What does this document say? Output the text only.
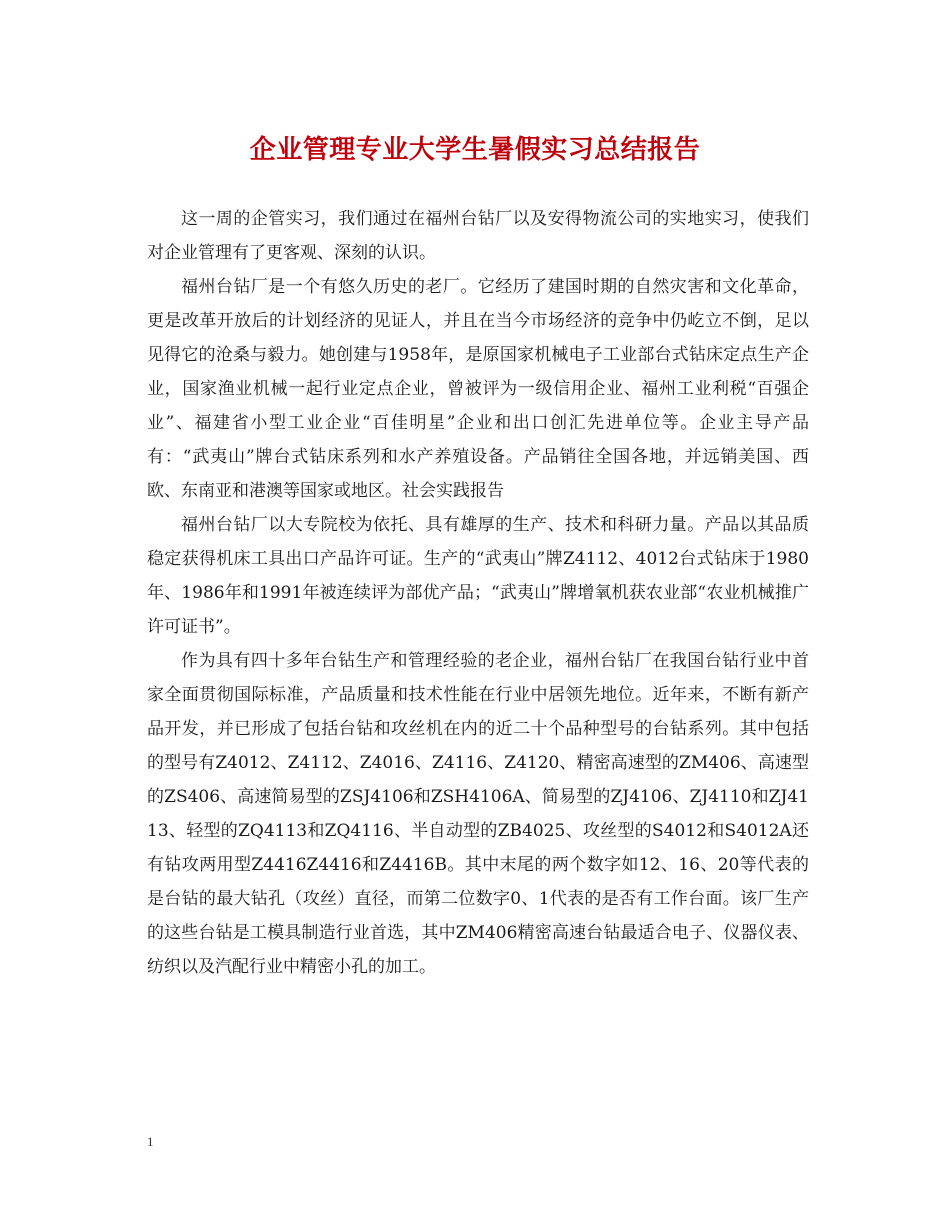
企业管理专业大学生暑假实习总结报告

这一周的企管实习，我们通过在福州台钻厂以及安得物流公司的实地实习，使我们对企业管理有了更客观、深刻的认识。

福州台钻厂是一个有悠久历史的老厂。它经历了建国时期的自然灾害和文化革命，更是改革开放后的计划经济的见证人，并且在当今市场经济的竞争中仍屹立不倒，足以见得它的沧桑与毅力。她创建与1958年，是原国家机械电子工业部台式钻床定点生产企业，国家渔业机械一起行业定点企业，曾被评为一级信用企业、福州工业利税“百强企业”、福建省小型工业企业“百佳明星”企业和出口创汇先进单位等。企业主导产品有：“武夷山”牌台式钻床系列和水产养殖设备。产品销往全国各地，并远销美国、西欧、东南亚和港澳等国家或地区。社会实践报告

福州台钻厂以大专院校为依托、具有雄厚的生产、技术和科研力量。产品以其品质稳定获得机床工具出口产品许可证。生产的“武夷山”牌Z4112、4012台式钻床于1980年、1986年和1991年被连续评为部优产品；“武夷山”牌增氧机获农业部“农业机械推广许可证书”。

作为具有四十多年台钻生产和管理经验的老企业，福州台钻厂在我国台钻行业中首家全面贯彻国际标准，产品质量和技术性能在行业中居领先地位。近年来，不断有新产品开发，并已形成了包括台钻和攻丝机在内的近二十个品种型号的台钻系列。其中包括的型号有Z4012、Z4112、Z4016、Z4116、Z4120、精密高速型的ZM406、高速型的ZS406、高速简易型的ZSJ4106和ZSH4106A、简易型的ZJ4106、ZJ4110和ZJ4113、轻型的ZQ4113和ZQ4116、半自动型的ZB4025、攻丝型的S4012和S4012A还有钻攻两用型Z4416Z4416和Z4416B。其中末尾的两个数字如12、16、20等代表的是台钻的最大钻孔（攻丝）直径，而第二位数字0、1代表的是否有工作台面。该厂生产的这些台钻是工模具制造行业首选，其中ZM406精密高速台钻最适合电子、仪器仪表、纺织以及汽配行业中精密小孔的加工。

1
